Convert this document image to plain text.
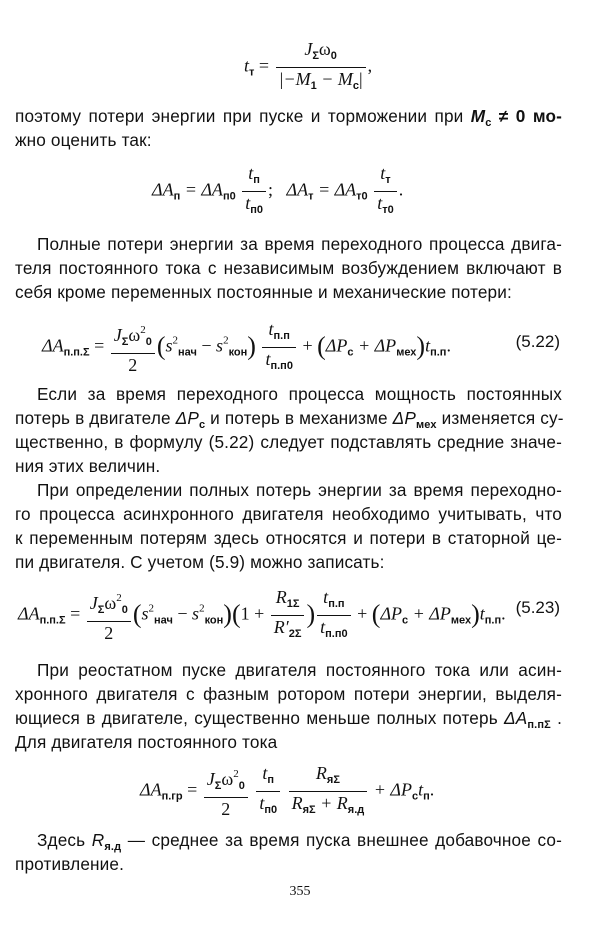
$t_т = \frac{J_\Sigma\omega_0}{|-M_1 - M_c|}$ ,
поэтому потери энергии при пуске и торможении при $M_c \ne 0$ мо-
жно оценить так:
$\Delta A_п = \Delta A_{п0} \frac{t_п}{t_{п0}}$ ; $\Delta A_т = \Delta A_{т0} \frac{t_т}{t_{т0}}$ .
Полные потери энергии за время переходного процесса двига-
теля постоянного тока с независимым возбуждением включают в
себя кроме переменных постоянные и механические потери:
$\Delta A_{п.п.\Sigma} = \frac{J_\Sigma\omega^2_0}{2} (s^2_{нач} - s^2_{кон}) \frac{t_{п.п}}{t_{п.п0}} + (\Delta P_c + \Delta P_{мех})t_{п.п}$.	(5.22)
Если за время переходного процесса мощность постоянных
потерь в двигателе $\Delta P_c$ и потерь в механизме $\Delta P_{мех}$ изменяется су-
щественно, в формулу (5.22) следует подставлять средние значе-
ния этих величин.
При определении полных потерь энергии за время переходно-
го процесса асинхронного двигателя необходимо учитывать, что
к переменным потерям здесь относятся и потери в статорной це-
пи двигателя. С учетом (5.9) можно записать:
$\Delta A_{п.п.\Sigma} = \frac{J_\Sigma\omega^2_0}{2} (s^2_{нач} - s^2_{кон})(1 + \frac{R_{1\Sigma}}{R'_{2\Sigma}}$ ) $\frac{t_{п.п}}{t_{п.п0}} + (\Delta P_c + \Delta P_{мех})t_{п.п}$. (5.23)
При реостатном пуске двигателя постоянного тока или асин-
хронного двигателя с фазным ротором потери энергии, выделя-
ющиеся в двигателе, существенно меньше полных потерь $\Delta A_{п.п\Sigma}$ .
Для двигателя постоянного тока
$\Delta A_{п.гр} = \frac{J_\Sigma\omega^2_0}{2}$
$\frac{t_п}{t_{п0}}$
$\frac{R_{я\Sigma}}{R_{я\Sigma} + R_{я.д}} + \Delta P_ct_п$.
Здесь $R_{я.д}$ — среднее за время пуска внешнее добавочное со-
противление.
355
